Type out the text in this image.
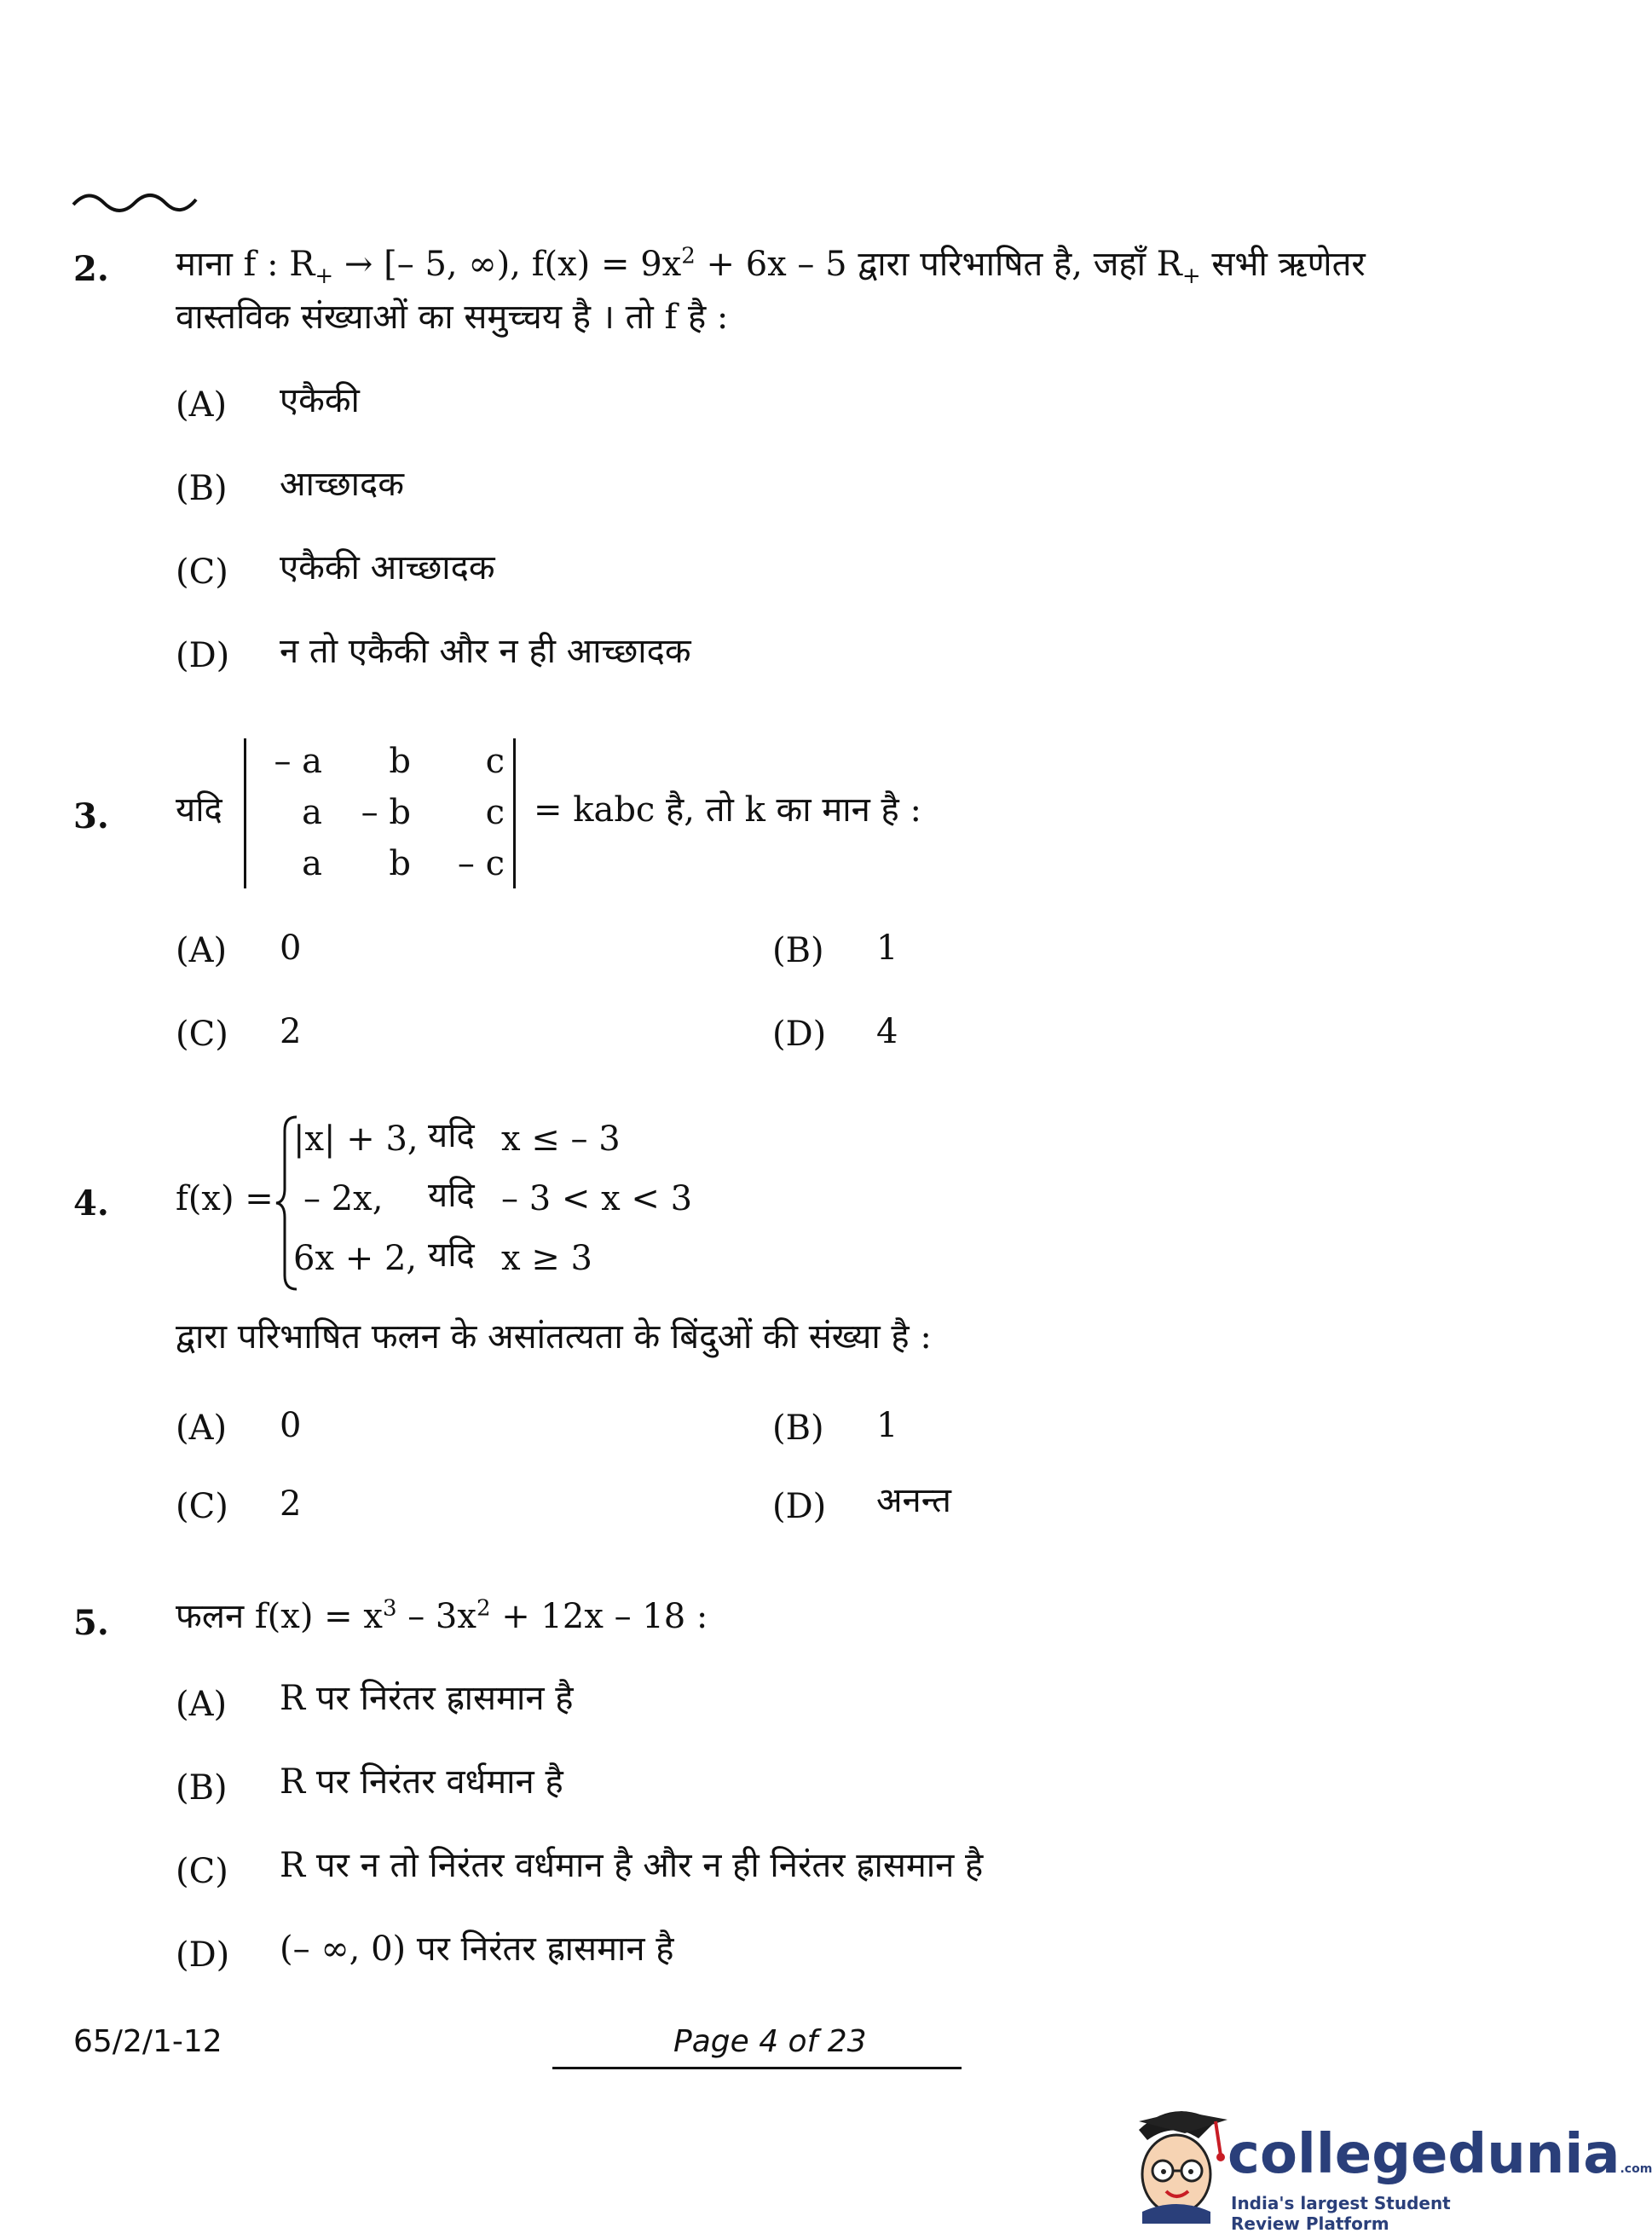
2. माना f : $R_+$ → [– 5, ∞), $f(x) = 9x^2 + 6x - 5$ द्वारा परिभाषित है, जहाँ $R_+$ सभी ऋणेतर
वास्तविक संख्याओं का समुच्चय है । तो f है :
(A) एकैकी
(B) आच्छादक
(C) एकैकी आच्छादक
(D) न तो एकैकी और न ही आच्छादक
3. यदि
– a b c
a – b c
a b – c
= kabc है, तो k का मान है :
(A) 0	(B) 1
(C) 2	(D) 4
4. f(x) =
|x| + 3, यदि x ≤ – 3
– 2x, यदि – 3 < x < 3
6x + 2, यदि x ≥ 3
द्वारा परिभाषित फलन के असांतत्यता के बिंदुओं की संख्या है :
(A) 0	(B) 1
(C) 2	(D) अनन्त
5. फलन $f(x) = x^3 - 3x^2 + 12x - 18$ :
(A) R पर निरंतर ह्रासमान है
(B) R पर निरंतर वर्धमान है
(C) R पर न तो निरंतर वर्धमान है और न ही निरंतर ह्रासमान है
(D) (– ∞, 0) पर निरंतर ह्रासमान है
65/2/1-12	Page 4 of 23
collegedunia.com
India's largest Student Review Platform
